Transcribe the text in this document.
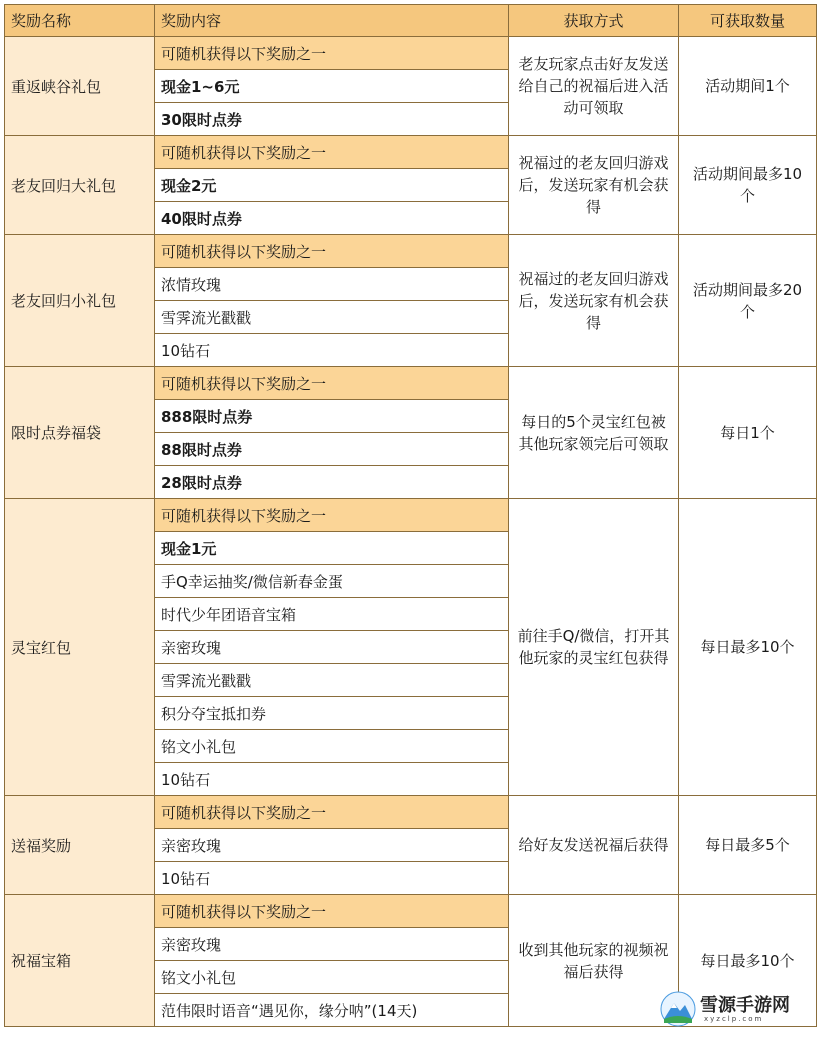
奖励名称	奖励内容	获取方式	可获取数量
重返峡谷礼包	可随机获得以下奖励之一	老友玩家点击好友发送给自己的祝福后进入活动可领取	活动期间1个
	现金1~6元		
	30限时点券		
老友回归大礼包	可随机获得以下奖励之一	祝福过的老友回归游戏后，发送玩家有机会获得	活动期间最多10个
	现金2元		
	40限时点券		
老友回归小礼包	可随机获得以下奖励之一	祝福过的老友回归游戏后，发送玩家有机会获得	活动期间最多20个
	浓情玫瑰		
	雪霁流光戳戳		
	10钻石		
限时点券福袋	可随机获得以下奖励之一	每日的5个灵宝红包被其他玩家领完后可领取	每日1个
	888限时点券		
	88限时点券		
	28限时点券		
灵宝红包	可随机获得以下奖励之一	前往手Q/微信，打开其他玩家的灵宝红包获得	每日最多10个
	现金1元		
	手Q幸运抽奖/微信新春金蛋		
	时代少年团语音宝箱		
	亲密玫瑰		
	雪霁流光戳戳		
	积分夺宝抵扣券		
	铭文小礼包		
	10钻石		
送福奖励	可随机获得以下奖励之一	给好友发送祝福后获得	每日最多5个
	亲密玫瑰		
	10钻石		
祝福宝箱	可随机获得以下奖励之一	收到其他玩家的视频祝福后获得	每日最多10个
	亲密玫瑰		
	铭文小礼包		
	范伟限时语音“遇见你，缘分呐”(14天)			雪源手游网
xyzclp.com
